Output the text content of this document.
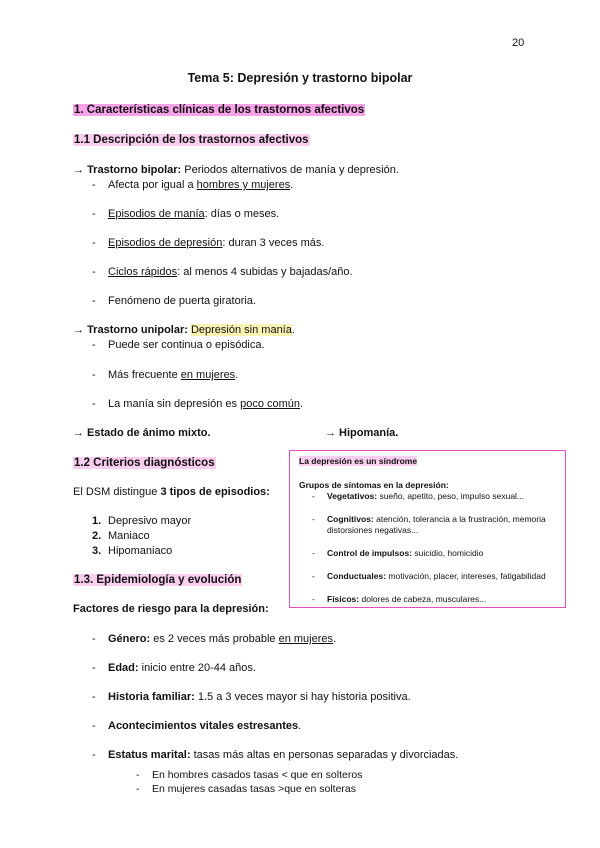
20
Tema 5: Depresión y trastorno bipolar
1. Características clínicas de los trastornos afectivos
1.1 Descripción de los trastornos afectivos
→ Trastorno bipolar: Periodos alternativos de manía y depresión.
- Afecta por igual a hombres y mujeres.
- Episodios de manía: días o meses.
- Episodios de depresión: duran 3 veces más.
- Ciclos rápidos: al menos 4 subidas y bajadas/año.
- Fenómeno de puerta giratoria.
→ Trastorno unipolar: Depresión sin manía.
- Puede ser continua o episódica.
- Más frecuente en mujeres.
- La manía sin depresión es poco común.
→ Estado de ánimo mixto.	→ Hipomanía.
1.2 Criterios diagnósticos
El DSM distingue 3 tipos de episodios:
1. Depresivo mayor
2. Maniaco
3. Hipomaniaco
1.3. Epidemiología y evolución
Factores de riesgo para la depresión:
- Género: es 2 veces más probable en mujeres.
- Edad: inicio entre 20-44 años.
- Historia familiar: 1.5 a 3 veces mayor si hay historia positiva.
- Acontecimientos vitales estresantes.
- Estatus marital: tasas más altas en personas separadas y divorciadas.
- En hombres casados tasas < que en solteros
- En mujeres casadas tasas >que en solteras
La depresión es un síndrome
Grupos de síntomas en la depresión:
- Vegetativos: sueño, apetito, peso, impulso sexual...
- Cognitivos: atención, tolerancia a la frustración, memoria distorsiones negativas...
- Control de impulsos: suicidio, homicidio
- Conductuales: motivación, placer, intereses, fatigabilidad
- Físicos: dolores de cabeza, musculares...
